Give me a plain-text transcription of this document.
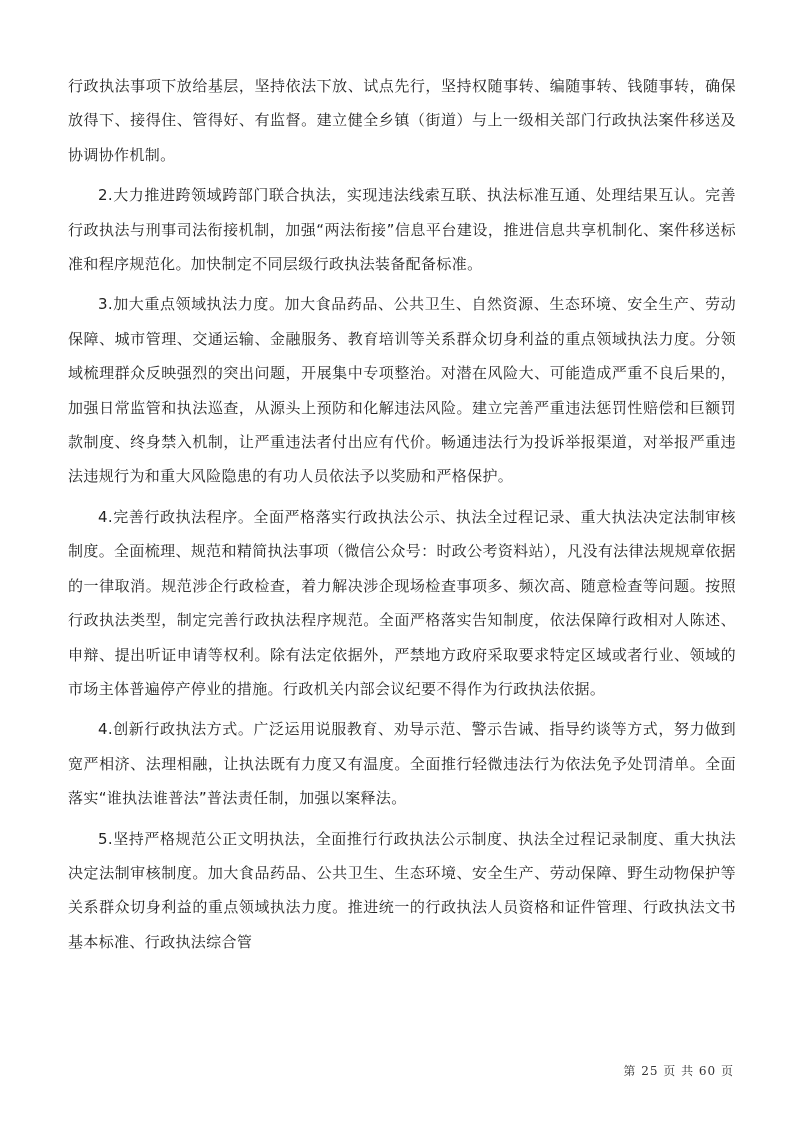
行政执法事项下放给基层，坚持依法下放、试点先行，坚持权随事转、编随事转、钱随事转，确保放得下、接得住、管得好、有监督。建立健全乡镇（街道）与上一级相关部门行政执法案件移送及协调协作机制。

2.大力推进跨领域跨部门联合执法，实现违法线索互联、执法标准互通、处理结果互认。完善行政执法与刑事司法衔接机制，加强“两法衔接”信息平台建设，推进信息共享机制化、案件移送标准和程序规范化。加快制定不同层级行政执法装备配备标准。

3.加大重点领域执法力度。加大食品药品、公共卫生、自然资源、生态环境、安全生产、劳动保障、城市管理、交通运输、金融服务、教育培训等关系群众切身利益的重点领域执法力度。分领域梳理群众反映强烈的突出问题，开展集中专项整治。对潜在风险大、可能造成严重不良后果的，加强日常监管和执法巡查，从源头上预防和化解违法风险。建立完善严重违法惩罚性赔偿和巨额罚款制度、终身禁入机制，让严重违法者付出应有代价。畅通违法行为投诉举报渠道，对举报严重违法违规行为和重大风险隐患的有功人员依法予以奖励和严格保护。

4.完善行政执法程序。全面严格落实行政执法公示、执法全过程记录、重大执法决定法制审核制度。全面梳理、规范和精简执法事项（微信公众号：时政公考资料站），凡没有法律法规规章依据的一律取消。规范涉企行政检查，着力解决涉企现场检查事项多、频次高、随意检查等问题。按照行政执法类型，制定完善行政执法程序规范。全面严格落实告知制度，依法保障行政相对人陈述、申辩、提出听证申请等权利。除有法定依据外，严禁地方政府采取要求特定区域或者行业、领域的市场主体普遍停产停业的措施。行政机关内部会议纪要不得作为行政执法依据。

4.创新行政执法方式。广泛运用说服教育、劝导示范、警示告诫、指导约谈等方式，努力做到宽严相济、法理相融，让执法既有力度又有温度。全面推行轻微违法行为依法免予处罚清单。全面落实“谁执法谁普法”普法责任制，加强以案释法。

5.坚持严格规范公正文明执法，全面推行行政执法公示制度、执法全过程记录制度、重大执法决定法制审核制度。加大食品药品、公共卫生、生态环境、安全生产、劳动保障、野生动物保护等关系群众切身利益的重点领域执法力度。推进统一的行政执法人员资格和证件管理、行政执法文书基本标准、行政执法综合管

第 25 页 共 60 页
